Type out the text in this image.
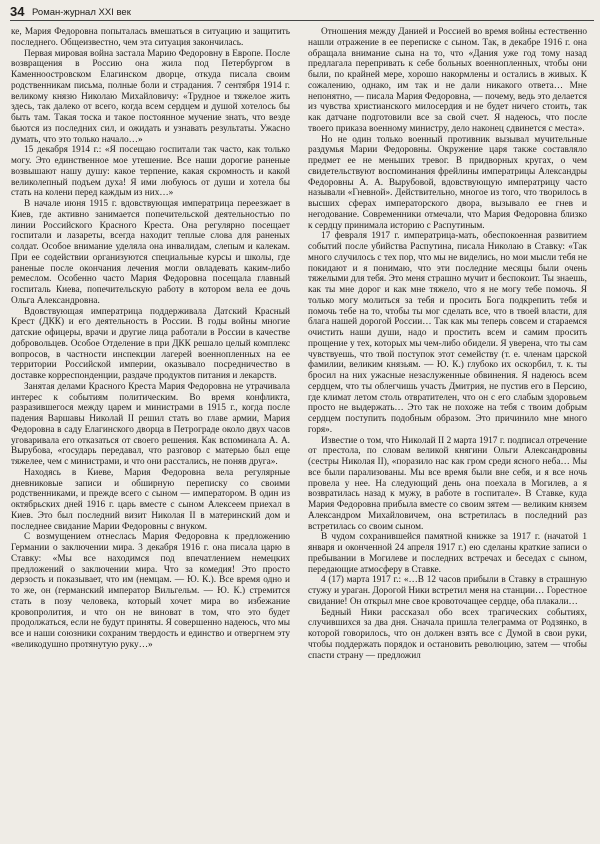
34 Роман-журнал XXI век

ке, Мария Федоровна попыталась вмешаться в ситуацию и защитить последнего. Общеизвестно, чем эта ситуация закончилась.

Первая мировая война застала Марию Федоровну в Европе. После возвращения в Россию она жила под Петербургом в Каменноостровском Елагинском дворце, откуда писала своим родственникам письма, полные боли и страдания. 7 сентября 1914 г. великому князю Николаю Михайловичу: «Трудное и тяжелое жить здесь, так далеко от всего, когда всем сердцем и душой хотелось бы быть там. Такая тоска и такое постоянное мучение знать, что везде бьются из последних сил, и ожидать и узнавать результаты. Ужасно думать, что это только начало…»

15 декабря 1914 г.: «Я посещаю госпитали так часто, как только могу. Это единственное мое утешение. Все наши дорогие раненые возвышают нашу душу: какое терпение, какая скромность и какой великолепный подъем духа! Я ими любуюсь от души и хотела бы стать на колени перед каждым из них…»

В начале июня 1915 г. вдовствующая императрица переезжает в Киев, где активно занимается попечительской деятельностью по линии Российского Красного Креста. Она регулярно посещает госпитали и лазареты, всегда находит теплые слова для раненых солдат. Особое внимание уделяла она инвалидам, слепым и калекам. При ее содействии организуются специальные курсы и школы, где раненые после окончания лечения могли овладевать каким-либо ремеслом. Особенно часто Мария Федоровна посещала главный госпиталь Киева, попечительскую работу в котором вела ее дочь Ольга Александровна.

Вдовствующая императрица поддерживала Датский Красный Крест (ДКК) и его деятельность в России. В годы войны многие датские офицеры, врачи и другие лица работали в России в качестве добровольцев. Особое Отделение в при ДКК решало целый комплекс вопросов, в частности инспекции лагерей военнопленных на ее территории Российской империи, оказывало посредничество в доставке корреспонденции, раздаче продуктов питания и лекарств.

Занятая делами Красного Креста Мария Федоровна не утрачивала интерес к событиям политическим. Во время конфликта, разразившегося между царем и министрами в 1915 г., когда после падения Варшавы Николай II решил стать во главе армии, Мария Федоровна в саду Елагинского дворца в Петрограде около двух часов уговаривала его отказаться от своего решения. Как вспоминала А. А. Вырубова, «государь передавал, что разговор с матерью был еще тяжелее, чем с министрами, и что они расстались, не поняв друга».

Находясь в Киеве, Мария Федоровна вела регулярные дневниковые записи и обширную переписку со своими родственниками, и прежде всего с сыном — императором. В один из октябрьских дней 1916 г. царь вместе с сыном Алексеем приехал в Киев. Это был последний визит Николая II в материнский дом и последнее свидание Марии Федоровны с внуком.

С возмущением отнеслась Мария Федоровна к предложению Германии о заключении мира. 3 декабря 1916 г. она писала царю в Ставку: «Мы все находимся под впечатлением немецких предложений о заключении мира. Что за комедия! Это просто дерзость и показывает, что им (немцам. — Ю. К.). Все время одно и то же, он (германский император Вильгельм. — Ю. К.) стремится стать в позу человека, который хочет мира во избежание кровопролития, и что он не виноват в том, что это будет продолжаться, если не будут приняты. Я совершенно надеюсь, что мы все и наши союзники сохраним твердость и единство и отвергнем эту «великодушно протянутую руку…»

Отношения между Данией и Россией во время войны естественно нашли отражение в ее переписке с сыном. Так, в декабре 1916 г. она обращала внимание сына на то, что «Дания уже год тому назад предлагала перепривать к себе больных военнопленных, чтобы они были, по крайней мере, хорошо накормлены и остались в живых. К сожалению, однако, им так и не дали никакого ответа… Мне непонятно, — писала Мария Федоровна, — почему, ведь это делается из чувства христианского милосердия и не будет ничего стоить, так как датчане подготовили все за свой счет. Я надеюсь, что после твоего приказа военному министру, дело наконец сдвинется с места».

Но не один только военный противник вызывал мучительные раздумья Марии Федоровны. Окружение царя также составляло предмет ее не меньших тревог. В придворных кругах, о чем свидетельствуют воспоминания фрейлины императрицы Александры Федоровны А. А. Вырубовой, вдовствующую императрицу часто называли «Гневной». Действительно, многое из того, что творилось в высших сферах императорского двора, вызывало ее гнев и негодование. Современники отмечали, что Мария Федоровна близко к сердцу принимала историю с Распутиным.

17 февраля 1917 г. императрица-мать, обеспокоенная развитием событий после убийства Распутина, писала Николаю в Ставку: «Так много случилось с тех пор, что мы не виделись, но мои мысли тебя не покидают и я понимаю, что эти последние месяцы были очень тяжелыми для тебя. Это меня страшно мучит и беспокоит. Ты знаешь, как ты мне дорог и как мне тяжело, что я не могу тебе помочь. Я только могу молиться за тебя и просить Бога подкрепить тебя и помочь тебе на то, чтобы ты мог сделать все, что в твоей власти, для блага нашей дорогой России… Так как мы теперь совсем и стараемся очистить наши души, надо и простить всем и самим просить прощение у тех, которых мы чем-либо обидели. Я уверена, что ты сам чувствуешь, что твой поступок этот семейству (т. е. членам царской фамилии, великим князьям. — Ю. К.) глубоко их оскорбил, т. к. ты бросил на них ужасные незаслуженные обвинения. Я надеюсь всем сердцем, что ты облегчишь участь Дмитрия, не пустив его в Персию, где климат летом столь отвратителен, что он с его слабым здоровьем просто не выдержать… Это так не похоже на тебя с твоим добрым сердцем поступить подобным образом. Это причинило мне много горя».

Известие о том, что Николай II 2 марта 1917 г. подписал отречение от престола, по словам великой княгини Ольги Александровны (сестры Николая II), «поразило нас как гром среди ясного неба… Мы все были парализованы. Мы все время были вне себя, и я все ночь провела у нее. На следующий день она поехала в Могилев, а я возвратилась назад к мужу, в работе в госпитале». В Ставке, куда Мария Федоровна прибыла вместе со своим зятем — великим князем Александром Михайловичем, она встретилась в последний раз встретилась со своим сыном.

В чудом сохранившейся памятной книжке за 1917 г. (начатой 1 января и оконченной 24 апреля 1917 г.) ею сделаны краткие записи о пребывании в Могилеве и последних встречах и беседах с сыном, передающие атмосферу в Ставке.

4 (17) марта 1917 г.: «…В 12 часов прибыли в Ставку в страшную стужу и ураган. Дорогой Ники встретил меня на станции… Горестное свидание! Он открыл мне свое кровоточащее сердце, оба плакали…

Бедный Ники рассказал обо всех трагических событиях, случившихся за два дня. Сначала пришла телеграмма от Родзянко, в которой говорилось, что он должен взять все с Думой в свои руки, чтобы поддержать порядок и остановить революцию, затем — чтобы спасти страну — предложил
